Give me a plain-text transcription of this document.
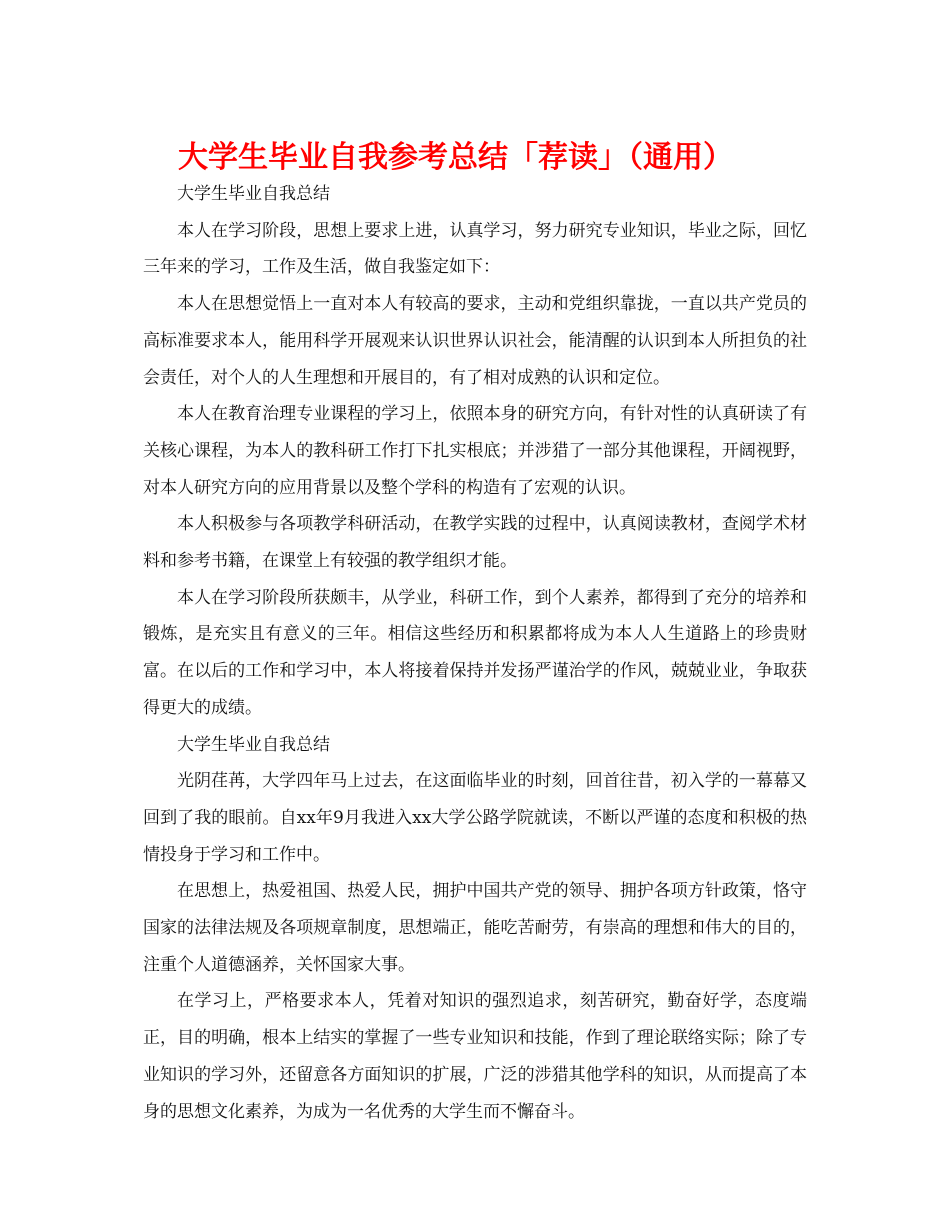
大学生毕业自我参考总结「荐读」（通用）

大学生毕业自我总结

本人在学习阶段，思想上要求上进，认真学习，努力研究专业知识，毕业之际，回忆三年来的学习，工作及生活，做自我鉴定如下：

本人在思想觉悟上一直对本人有较高的要求，主动和党组织靠拢，一直以共产党员的高标准要求本人，能用科学开展观来认识世界认识社会，能清醒的认识到本人所担负的社会责任，对个人的人生理想和开展目的，有了相对成熟的认识和定位。

本人在教育治理专业课程的学习上，依照本身的研究方向，有针对性的认真研读了有关核心课程，为本人的教科研工作打下扎实根底；并涉猎了一部分其他课程，开阔视野，对本人研究方向的应用背景以及整个学科的构造有了宏观的认识。

本人积极参与各项教学科研活动，在教学实践的过程中，认真阅读教材，查阅学术材料和参考书籍，在课堂上有较强的教学组织才能。

本人在学习阶段所获颇丰，从学业，科研工作，到个人素养，都得到了充分的培养和锻炼，是充实且有意义的三年。相信这些经历和积累都将成为本人人生道路上的珍贵财富。在以后的工作和学习中，本人将接着保持并发扬严谨治学的作风，兢兢业业，争取获得更大的成绩。

大学生毕业自我总结

光阴荏苒，大学四年马上过去，在这面临毕业的时刻，回首往昔，初入学的一幕幕又回到了我的眼前。自xx年9月我进入xx大学公路学院就读，不断以严谨的态度和积极的热情投身于学习和工作中。

在思想上，热爱祖国、热爱人民，拥护中国共产党的领导、拥护各项方针政策，恪守国家的法律法规及各项规章制度，思想端正，能吃苦耐劳，有崇高的理想和伟大的目的，注重个人道德涵养，关怀国家大事。

在学习上，严格要求本人，凭着对知识的强烈追求，刻苦研究，勤奋好学，态度端正，目的明确，根本上结实的掌握了一些专业知识和技能，作到了理论联络实际；除了专业知识的学习外，还留意各方面知识的扩展，广泛的涉猎其他学科的知识，从而提高了本身的思想文化素养，为成为一名优秀的大学生而不懈奋斗。
